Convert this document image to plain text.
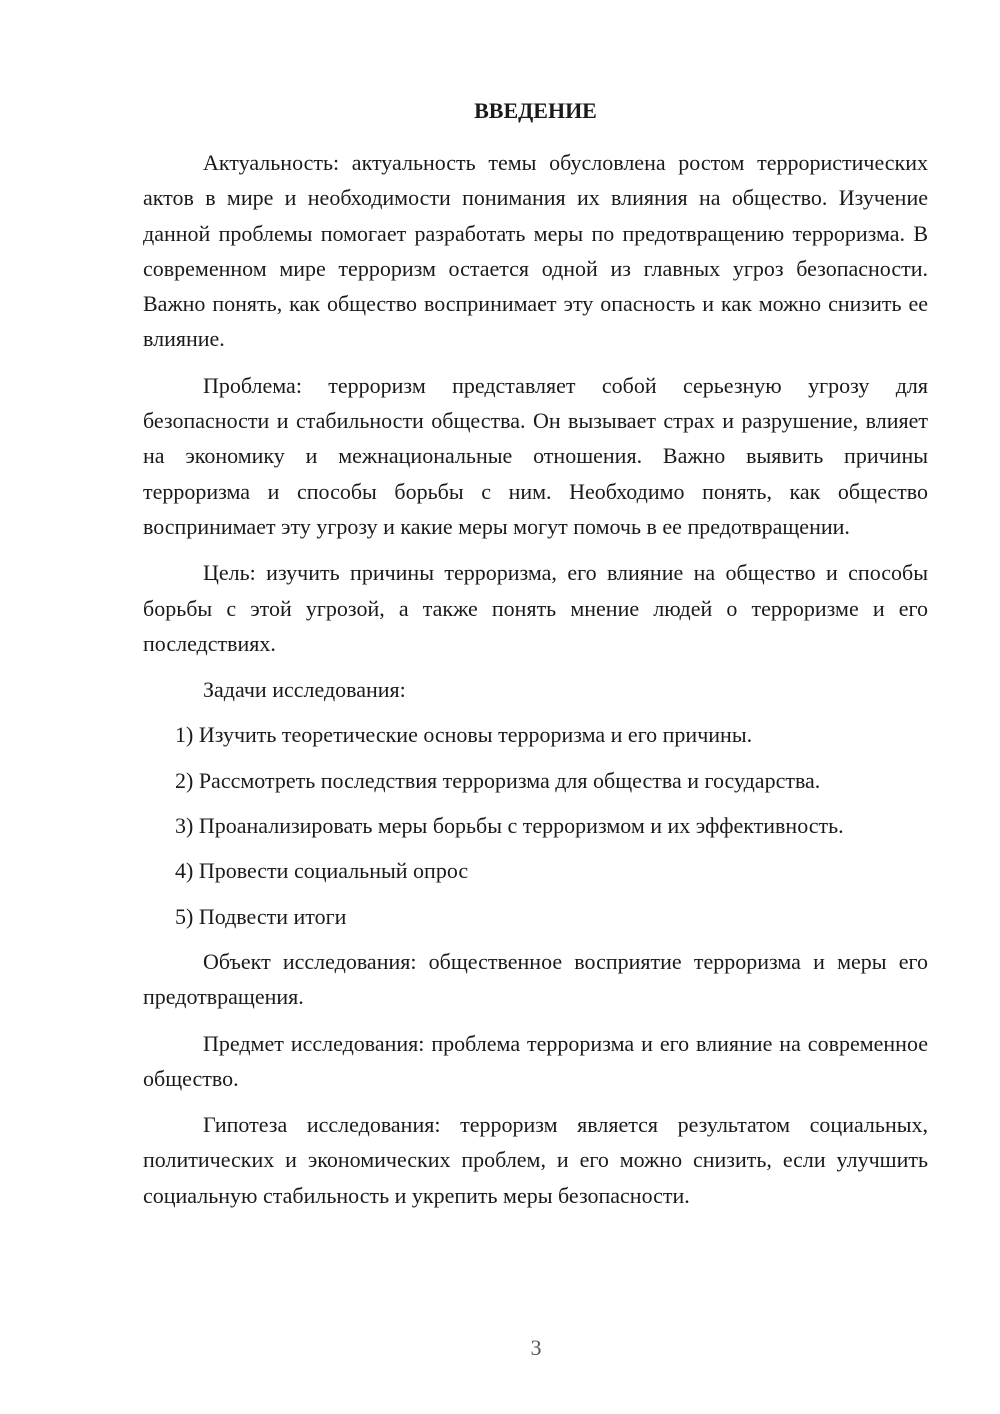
ВВЕДЕНИЕ

Актуальность: актуальность темы обусловлена ростом террористических актов в мире и необходимости понимания их влияния на общество. Изучение данной проблемы помогает разработать меры по предотвращению терроризма. В современном мире терроризм остается одной из главных угроз безопасности. Важно понять, как общество воспринимает эту опасность и как можно снизить ее влияние.

Проблема: терроризм представляет собой серьезную угрозу для безопасности и стабильности общества. Он вызывает страх и разрушение, влияет на экономику и межнациональные отношения. Важно выявить причины терроризма и способы борьбы с ним. Необходимо понять, как общество воспринимает эту угрозу и какие меры могут помочь в ее предотвращении.

Цель: изучить причины терроризма, его влияние на общество и способы борьбы с этой угрозой, а также понять мнение людей о терроризме и его последствиях.

Задачи исследования:

1) Изучить теоретические основы терроризма и его причины.

2) Рассмотреть последствия терроризма для общества и государства.

3) Проанализировать меры борьбы с терроризмом и их эффективность.

4) Провести социальный опрос

5) Подвести итоги

Объект исследования: общественное восприятие терроризма и меры его предотвращения.

Предмет исследования: проблема терроризма и его влияние на современное общество.

Гипотеза исследования: терроризм является результатом социальных, политических и экономических проблем, и его можно снизить, если улучшить социальную стабильность и укрепить меры безопасности.

3
